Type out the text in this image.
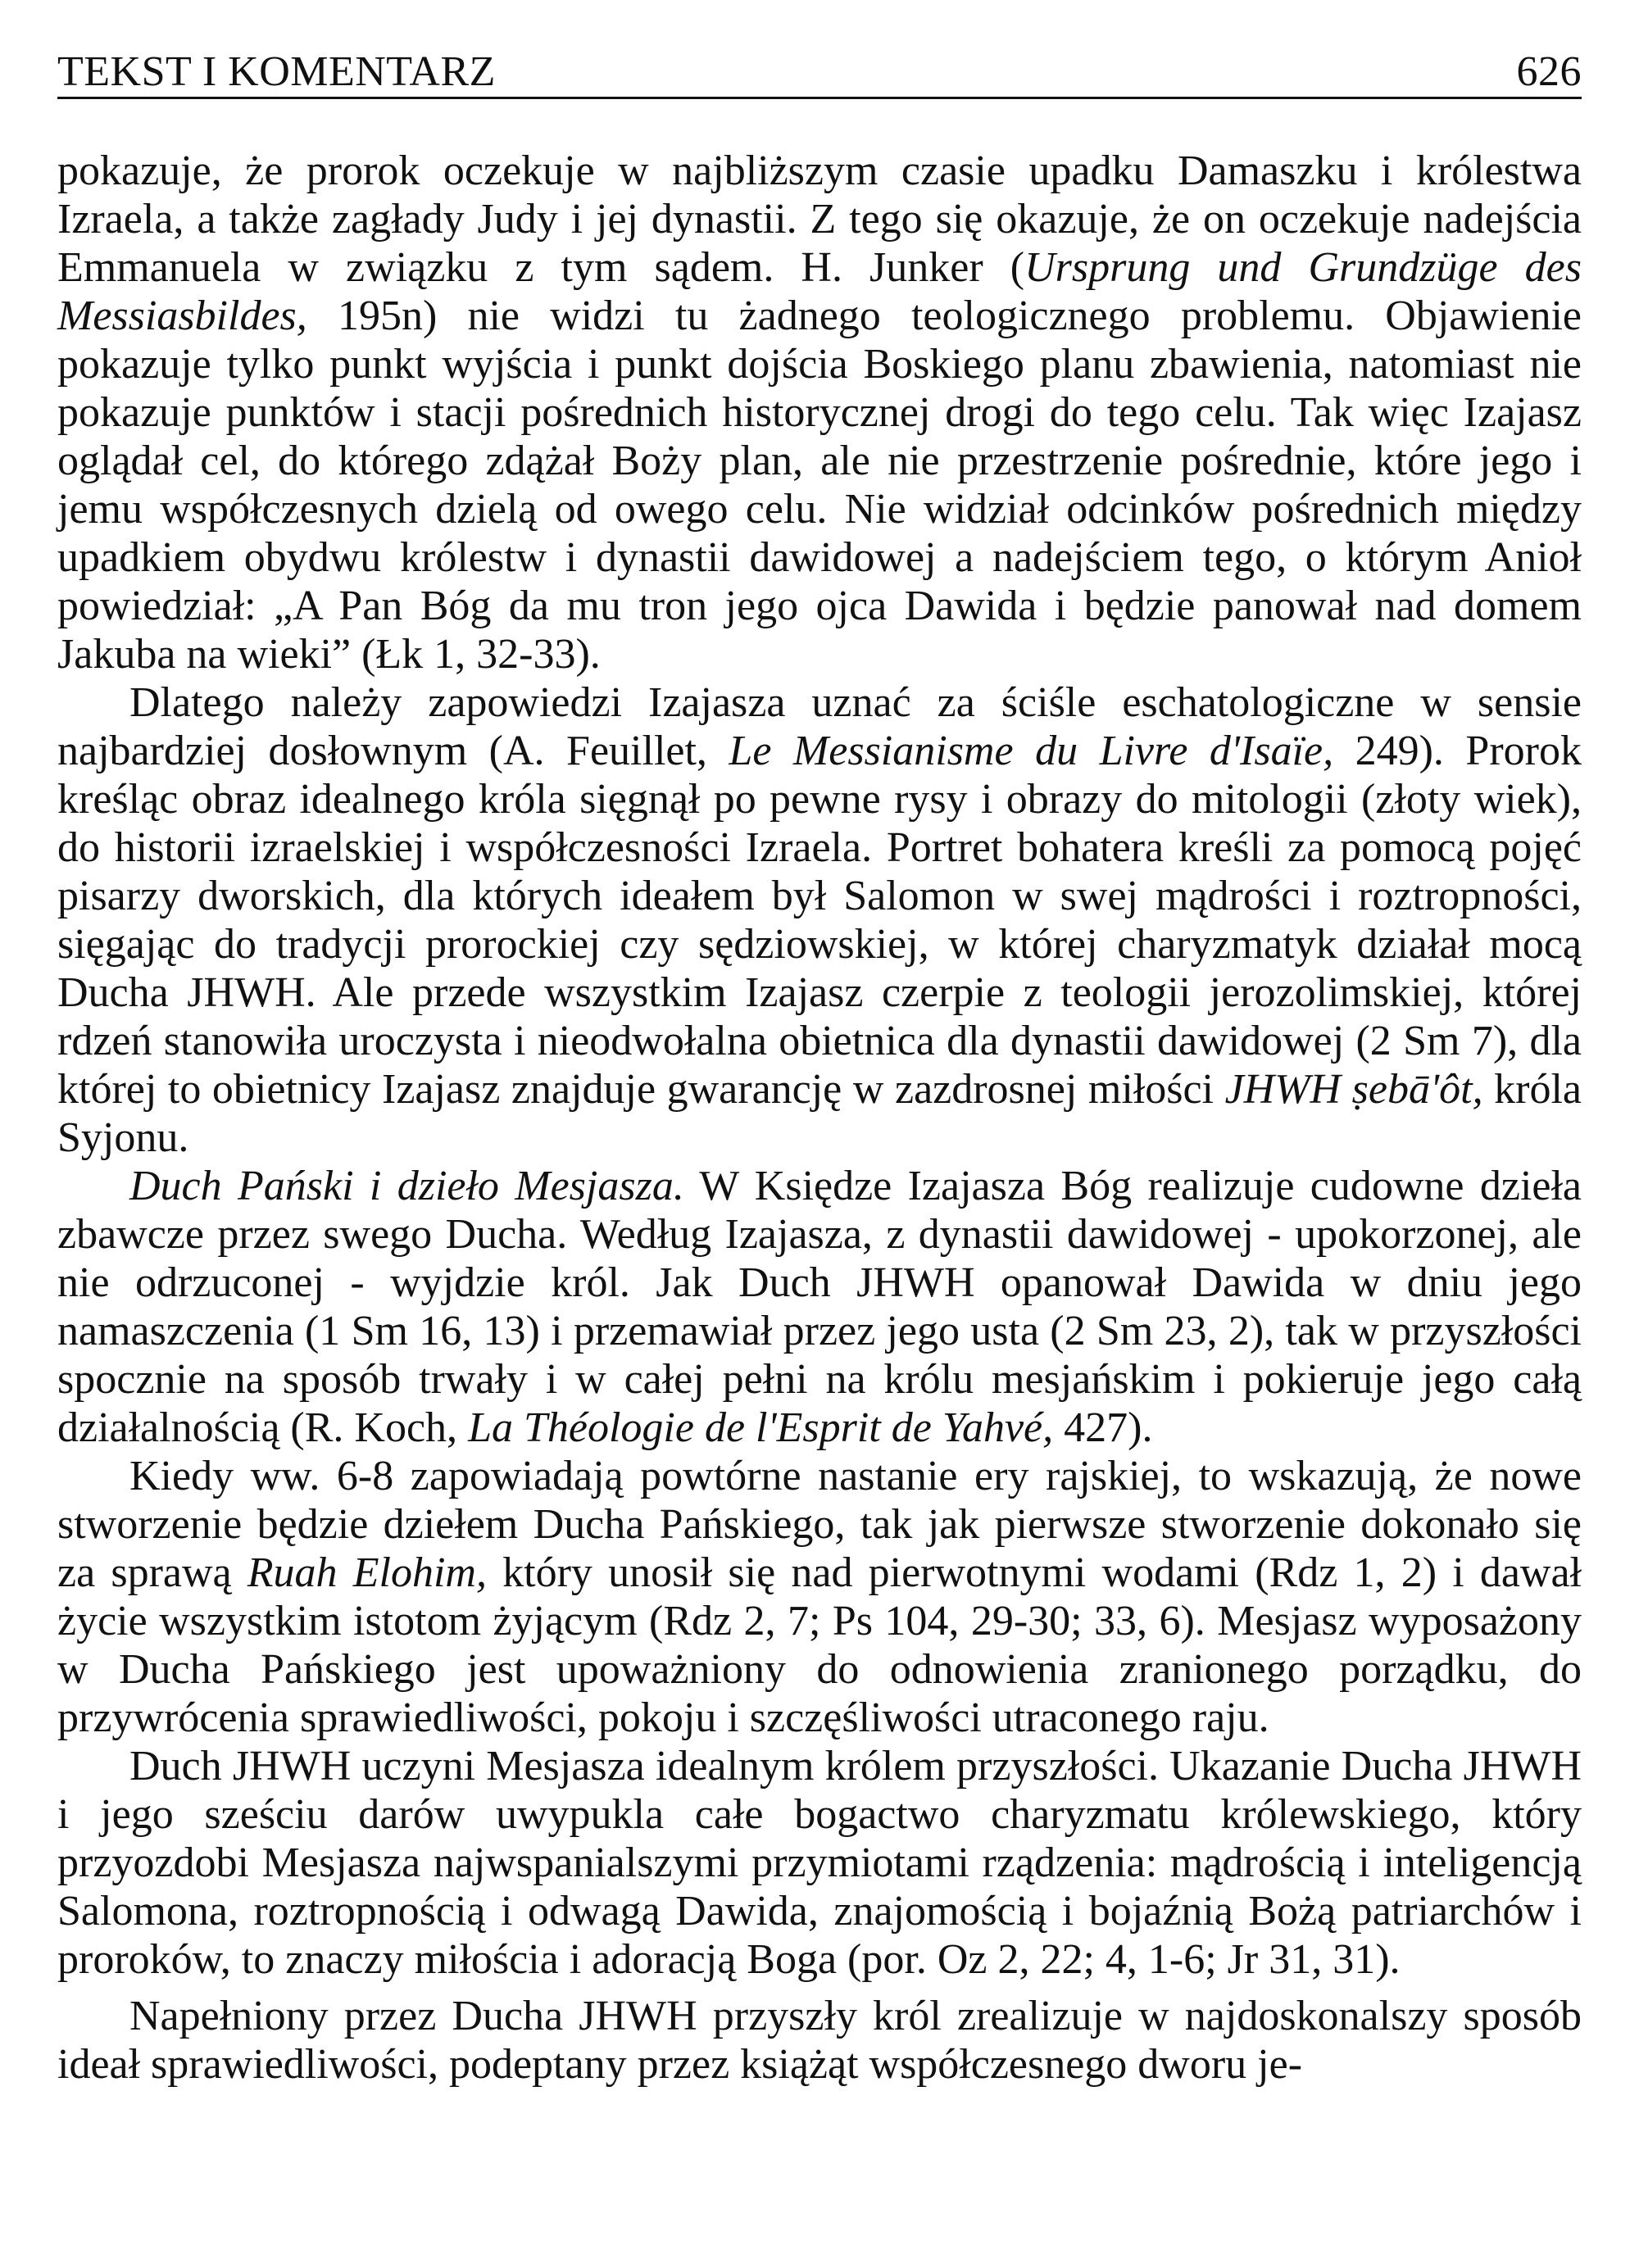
TEKST I KOMENTARZ	626

pokazuje, że prorok oczekuje w najbliższym czasie upadku Damaszku i królestwa Izraela, a także zagłady Judy i jej dynastii. Z tego się okazuje, że on oczekuje nadejścia Emmanuela w związku z tym sądem. H. Junker (Ursprung und Grundzüge des Messiasbildes, 195n) nie widzi tu żadnego teologicznego problemu. Objawienie pokazuje tylko punkt wyjścia i punkt dojścia Boskiego planu zbawienia, natomiast nie pokazuje punktów i stacji pośrednich historycznej drogi do tego celu. Tak więc Izajasz oglądał cel, do którego zdążał Boży plan, ale nie przestrzenie pośrednie, które jego i jemu współczesnych dzielą od owego celu. Nie widział odcinków pośrednich między upadkiem obydwu królestw i dynastii dawidowej a nadejściem tego, o którym Anioł powiedział: „A Pan Bóg da mu tron jego ojca Dawida i będzie panował nad domem Jakuba na wieki” (Łk 1, 32-33).

Dlatego należy zapowiedzi Izajasza uznać za ściśle eschatologiczne w sensie najbardziej dosłownym (A. Feuillet, Le Messianisme du Livre d'Isaïe, 249). Prorok kreśląc obraz idealnego króla sięgnął po pewne rysy i obrazy do mitologii (złoty wiek), do historii izraelskiej i współczesności Izraela. Portret bohatera kreśli za pomocą pojęć pisarzy dworskich, dla których ideałem był Salomon w swej mądrości i roztropności, sięgając do tradycji prorockiej czy sędziowskiej, w której charyzmatyk działał mocą Ducha JHWH. Ale przede wszystkim Izajasz czerpie z teologii jerozolimskiej, której rdzeń stanowiła uroczysta i nieodwołalna obietnica dla dynastii dawidowej (2 Sm 7), dla której to obietnicy Izajasz znajduje gwarancję w zazdrosnej miłości JHWH ṣebā'ôt, króla Syjonu.

Duch Pański i dzieło Mesjasza. W Księdze Izajasza Bóg realizuje cudowne dzieła zbawcze przez swego Ducha. Według Izajasza, z dynastii dawidowej - upokorzonej, ale nie odrzuconej - wyjdzie król. Jak Duch JHWH opanował Dawida w dniu jego namaszczenia (1 Sm 16, 13) i przemawiał przez jego usta (2 Sm 23, 2), tak w przyszłości spocznie na sposób trwały i w całej pełni na królu mesjańskim i pokieruje jego całą działalnością (R. Koch, La Théologie de l'Esprit de Yahvé, 427).

Kiedy ww. 6-8 zapowiadają powtórne nastanie ery rajskiej, to wskazują, że nowe stworzenie będzie dziełem Ducha Pańskiego, tak jak pierwsze stworzenie dokonało się za sprawą Ruah Elohim, który unosił się nad pierwotnymi wodami (Rdz 1, 2) i dawał życie wszystkim istotom żyjącym (Rdz 2, 7; Ps 104, 29-30; 33, 6). Mesjasz wyposażony w Ducha Pańskiego jest upoważniony do odnowienia zranionego porządku, do przywrócenia sprawiedliwości, pokoju i szczęśliwości utraconego raju.

Duch JHWH uczyni Mesjasza idealnym królem przyszłości. Ukazanie Ducha JHWH i jego sześciu darów uwypukla całe bogactwo charyzmatu królewskiego, który przyozdobi Mesjasza najwspanialszymi przymiotami rządzenia: mądrością i inteligencją Salomona, roztropnością i odwagą Dawida, znajomością i bojaźnią Bożą patriarchów i proroków, to znaczy miłościa i adoracją Boga (por. Oz 2, 22; 4, 1-6; Jr 31, 31).

Napełniony przez Ducha JHWH przyszły król zrealizuje w najdoskonalszy sposób ideał sprawiedliwości, podeptany przez książąt współczesnego dworu je-
